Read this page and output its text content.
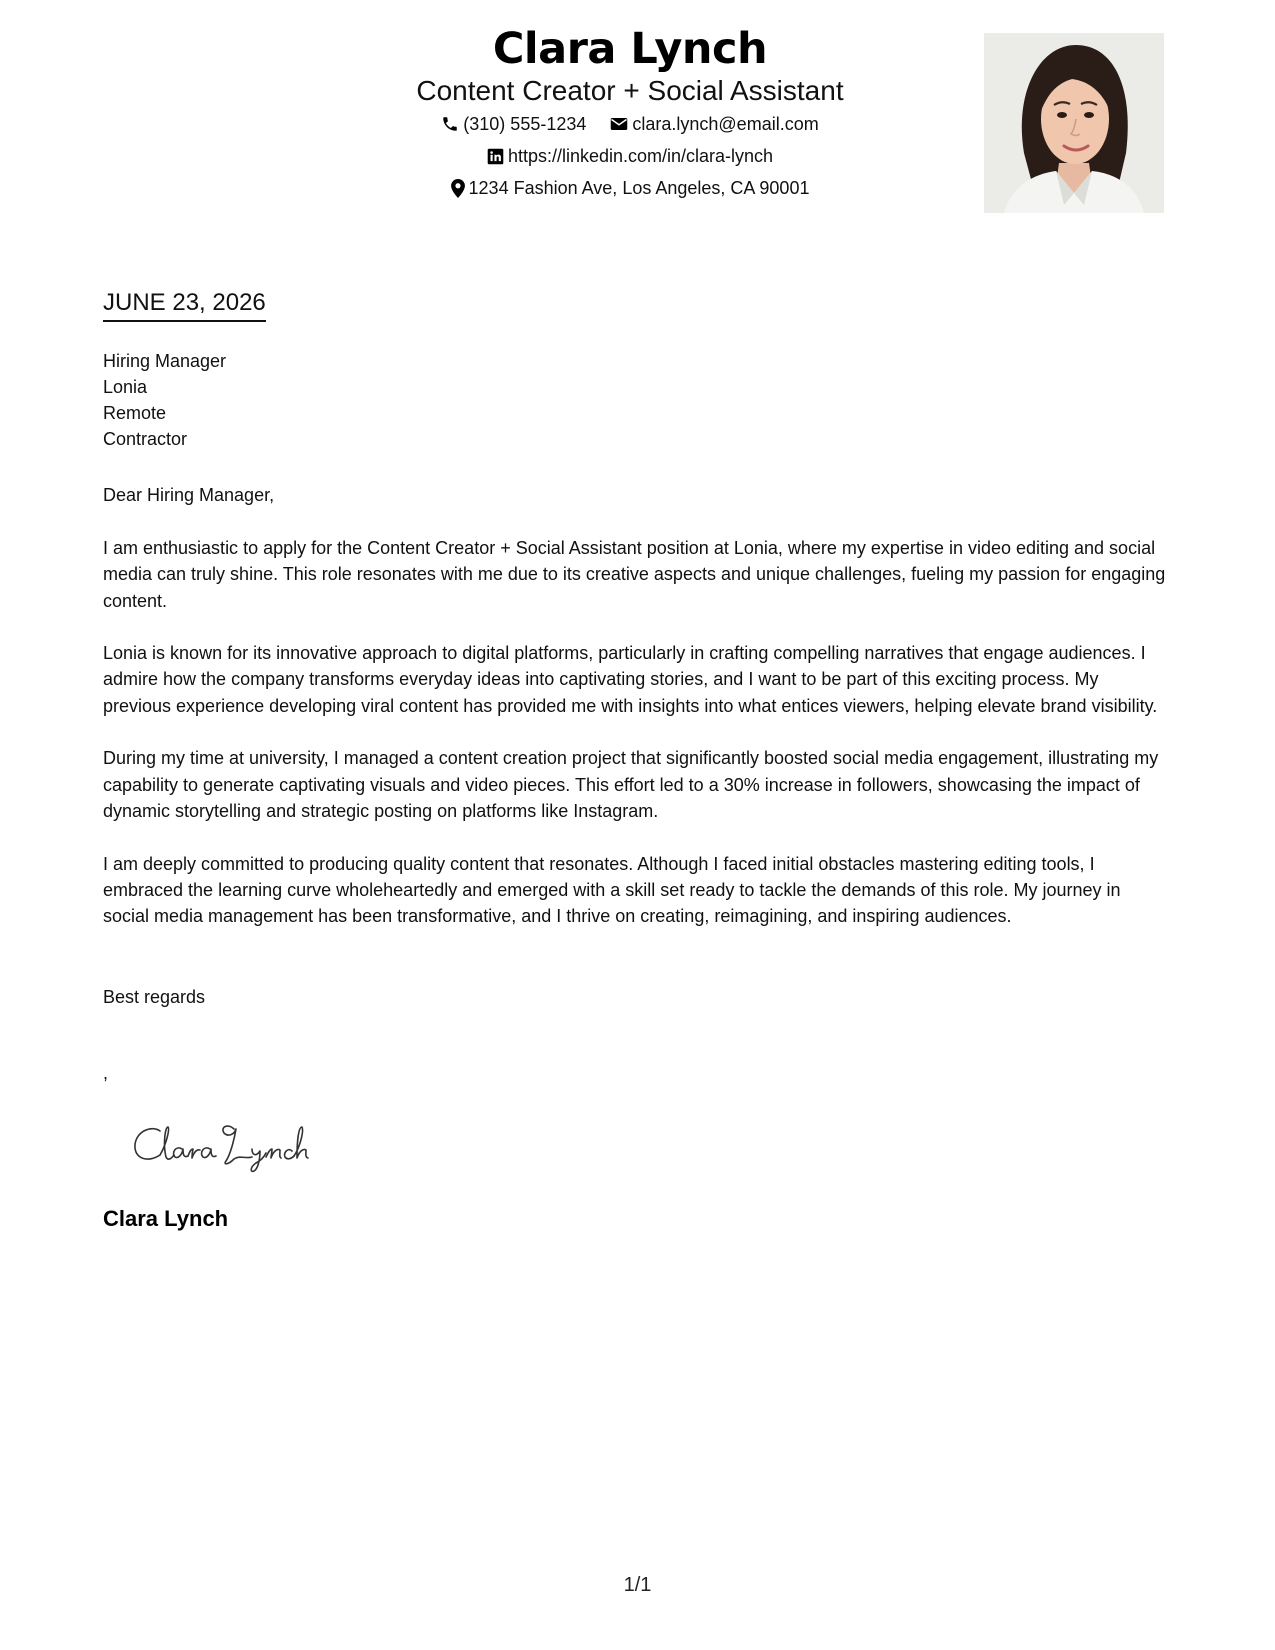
Clara Lynch
Content Creator + Social Assistant
(310) 555-1234	clara.lynch@email.com
https://linkedin.com/in/clara-lynch
1234 Fashion Ave, Los Angeles, CA 90001
JUNE 23, 2026
Hiring Manager
Lonia
Remote
Contractor
Dear Hiring Manager,

I am enthusiastic to apply for the Content Creator + Social Assistant position at Lonia, where my expertise in video editing and social media can truly shine. This role resonates with me due to its creative aspects and unique challenges, fueling my passion for engaging content.

Lonia is known for its innovative approach to digital platforms, particularly in crafting compelling narratives that engage audiences. I admire how the company transforms everyday ideas into captivating stories, and I want to be part of this exciting process. My previous experience developing viral content has provided me with insights into what entices viewers, helping elevate brand visibility.

During my time at university, I managed a content creation project that significantly boosted social media engagement, illustrating my capability to generate captivating visuals and video pieces. This effort led to a 30% increase in followers, showcasing the impact of dynamic storytelling and strategic posting on platforms like Instagram.

I am deeply committed to producing quality content that resonates. Although I faced initial obstacles mastering editing tools, I embraced the learning curve wholeheartedly and emerged with a skill set ready to tackle the demands of this role. My journey in social media management has been transformative, and I thrive on creating, reimagining, and inspiring audiences.

Best regards
,
Clara Lynch
1/1
